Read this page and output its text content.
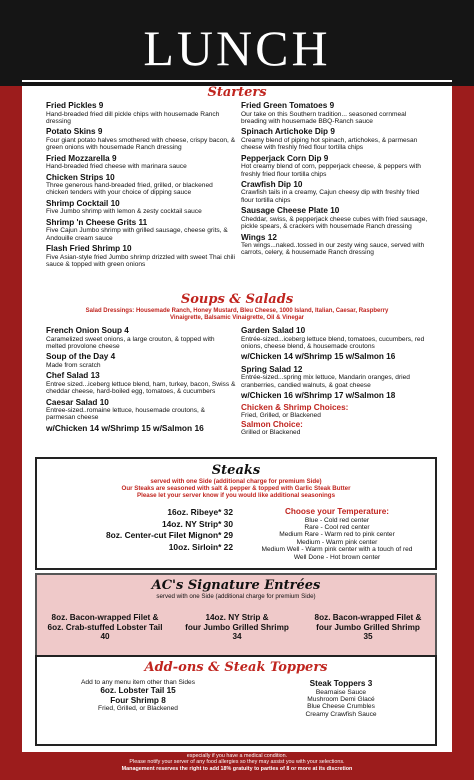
LUNCH
Starters
Fried Pickles 9
Hand-breaded fried dill pickle chips with housemade Ranch dressing
Potato Skins 9
Four giant potato halves smothered with cheese, crispy bacon, & green onions with housemade Ranch dressing
Fried Mozzarella 9
Hand-breaded fried cheese with marinara sauce
Chicken Strips 10
Three generous hand-breaded fried, grilled, or blackened chicken tenders with your choice of dipping sauce
Shrimp Cocktail 10
Five Jumbo shrimp with lemon & zesty cocktail sauce
Shrimp 'n Cheese Grits 11
Five Cajun Jumbo shrimp with grilled sausage, cheese grits, & Andouille cream sauce
Flash Fried Shrimp 10
Five Asian-style fried Jumbo shrimp drizzled with sweet Thai chili sauce & topped with green onions
Fried Green Tomatoes 9
Our take on this Southern tradition... seasoned cornmeal breading with housemade BBQ-Ranch sauce
Spinach Artichoke Dip 9
Creamy blend of piping hot spinach, artichokes, & parmesan cheese with freshly fried flour tortilla chips
Pepperjack Corn Dip 9
Hot creamy blend of corn, pepperjack cheese, & peppers with freshly fried flour tortilla chips
Crawfish Dip 10
Crawfish tails in a creamy, Cajun cheesy dip with freshly fried flour tortilla chips
Sausage Cheese Plate 10
Cheddar, swiss, & pepperjack cheese cubes with fried sausage, pickle spears, & crackers with housemade Ranch dressing
Wings 12
Ten wings...naked..tossed in our zesty wing sauce, served with carrots, celery, & housemade Ranch dressing
Soups & Salads
Salad Dressings: Housemade Ranch, Honey Mustard, Bleu Cheese, 1000 Island, Italian, Caesar, Raspberry Vinaigrette, Balsamic Vinaigrette, Oil & Vinegar
French Onion Soup 4
Caramelized sweet onions, a large crouton, & topped with melted provolone cheese
Soup of the Day 4
Made from scratch
Chef Salad 13
Entree sized...iceberg lettuce blend, ham, turkey, bacon, Swiss & cheddar cheese, hard-boiled egg, tomatoes, & cucumbers
Caesar Salad 10
Entree-sized..romaine lettuce, housemade croutons, & parmesan cheese
w/Chicken 14 w/Shrimp 15 w/Salmon 16
Garden Salad 10
Entrée-sized...iceberg lettuce blend, tomatoes, cucumbers, red onions, cheese blend, & housemade croutons
w/Chicken 14 w/Shrimp 15 w/Salmon 16
Spring Salad 12
Entrée-sized...spring mix lettuce, Mandarin oranges, dried cranberries, candied walnuts, & goat cheese
w/Chicken 16 w/Shrimp 17 w/Salmon 18
Chicken & Shrimp Choices:
Fried, Grilled, or Blackened
Salmon Choice:
Grilled or Blackened
Steaks
served with one Side (additional charge for premium Side)
Our Steaks are seasoned with salt & pepper & topped with Garlic Steak Butter
Please let your server know if you would like additional seasonings
16oz. Ribeye* 32
14oz. NY Strip* 30
8oz. Center-cut Filet Mignon* 29
10oz. Sirloin* 22
Choose your Temperature:
Blue - Cold red center
Rare - Cool red center
Medium Rare - Warm red to pink center
Medium - Warm pink center
Medium Well - Warm pink center with a touch of red
Well Done - Hot brown center
AC's Signature Entrées
served with one Side (additional charge for premium Side)
8oz. Bacon-wrapped Filet &
6oz. Crab-stuffed Lobster Tail
40
14oz. NY Strip &
four Jumbo Grilled Shrimp
34
8oz. Bacon-wrapped Filet &
four Jumbo Grilled Shrimp
35
Add-ons & Steak Toppers
Add to any menu item other than Sides
6oz. Lobster Tail 15
Four Shrimp 8
Fried, Grilled, or Blackened
Steak Toppers 3
Bearnaise Sauce
Mushroom Demi Glacé
Blue Cheese Crumbles
Creamy Crawfish Sauce
*Consumer Advisory: Consuming raw or undercooked meat, seafood, or poultry may increase your risk of foodborne illness,
especially if you have a medical condition.
Please notify your server of any food allergies so they may assist you with your selections.
Management reserves the right to add 18% gratuity to parties of 8 or more at its discretion
